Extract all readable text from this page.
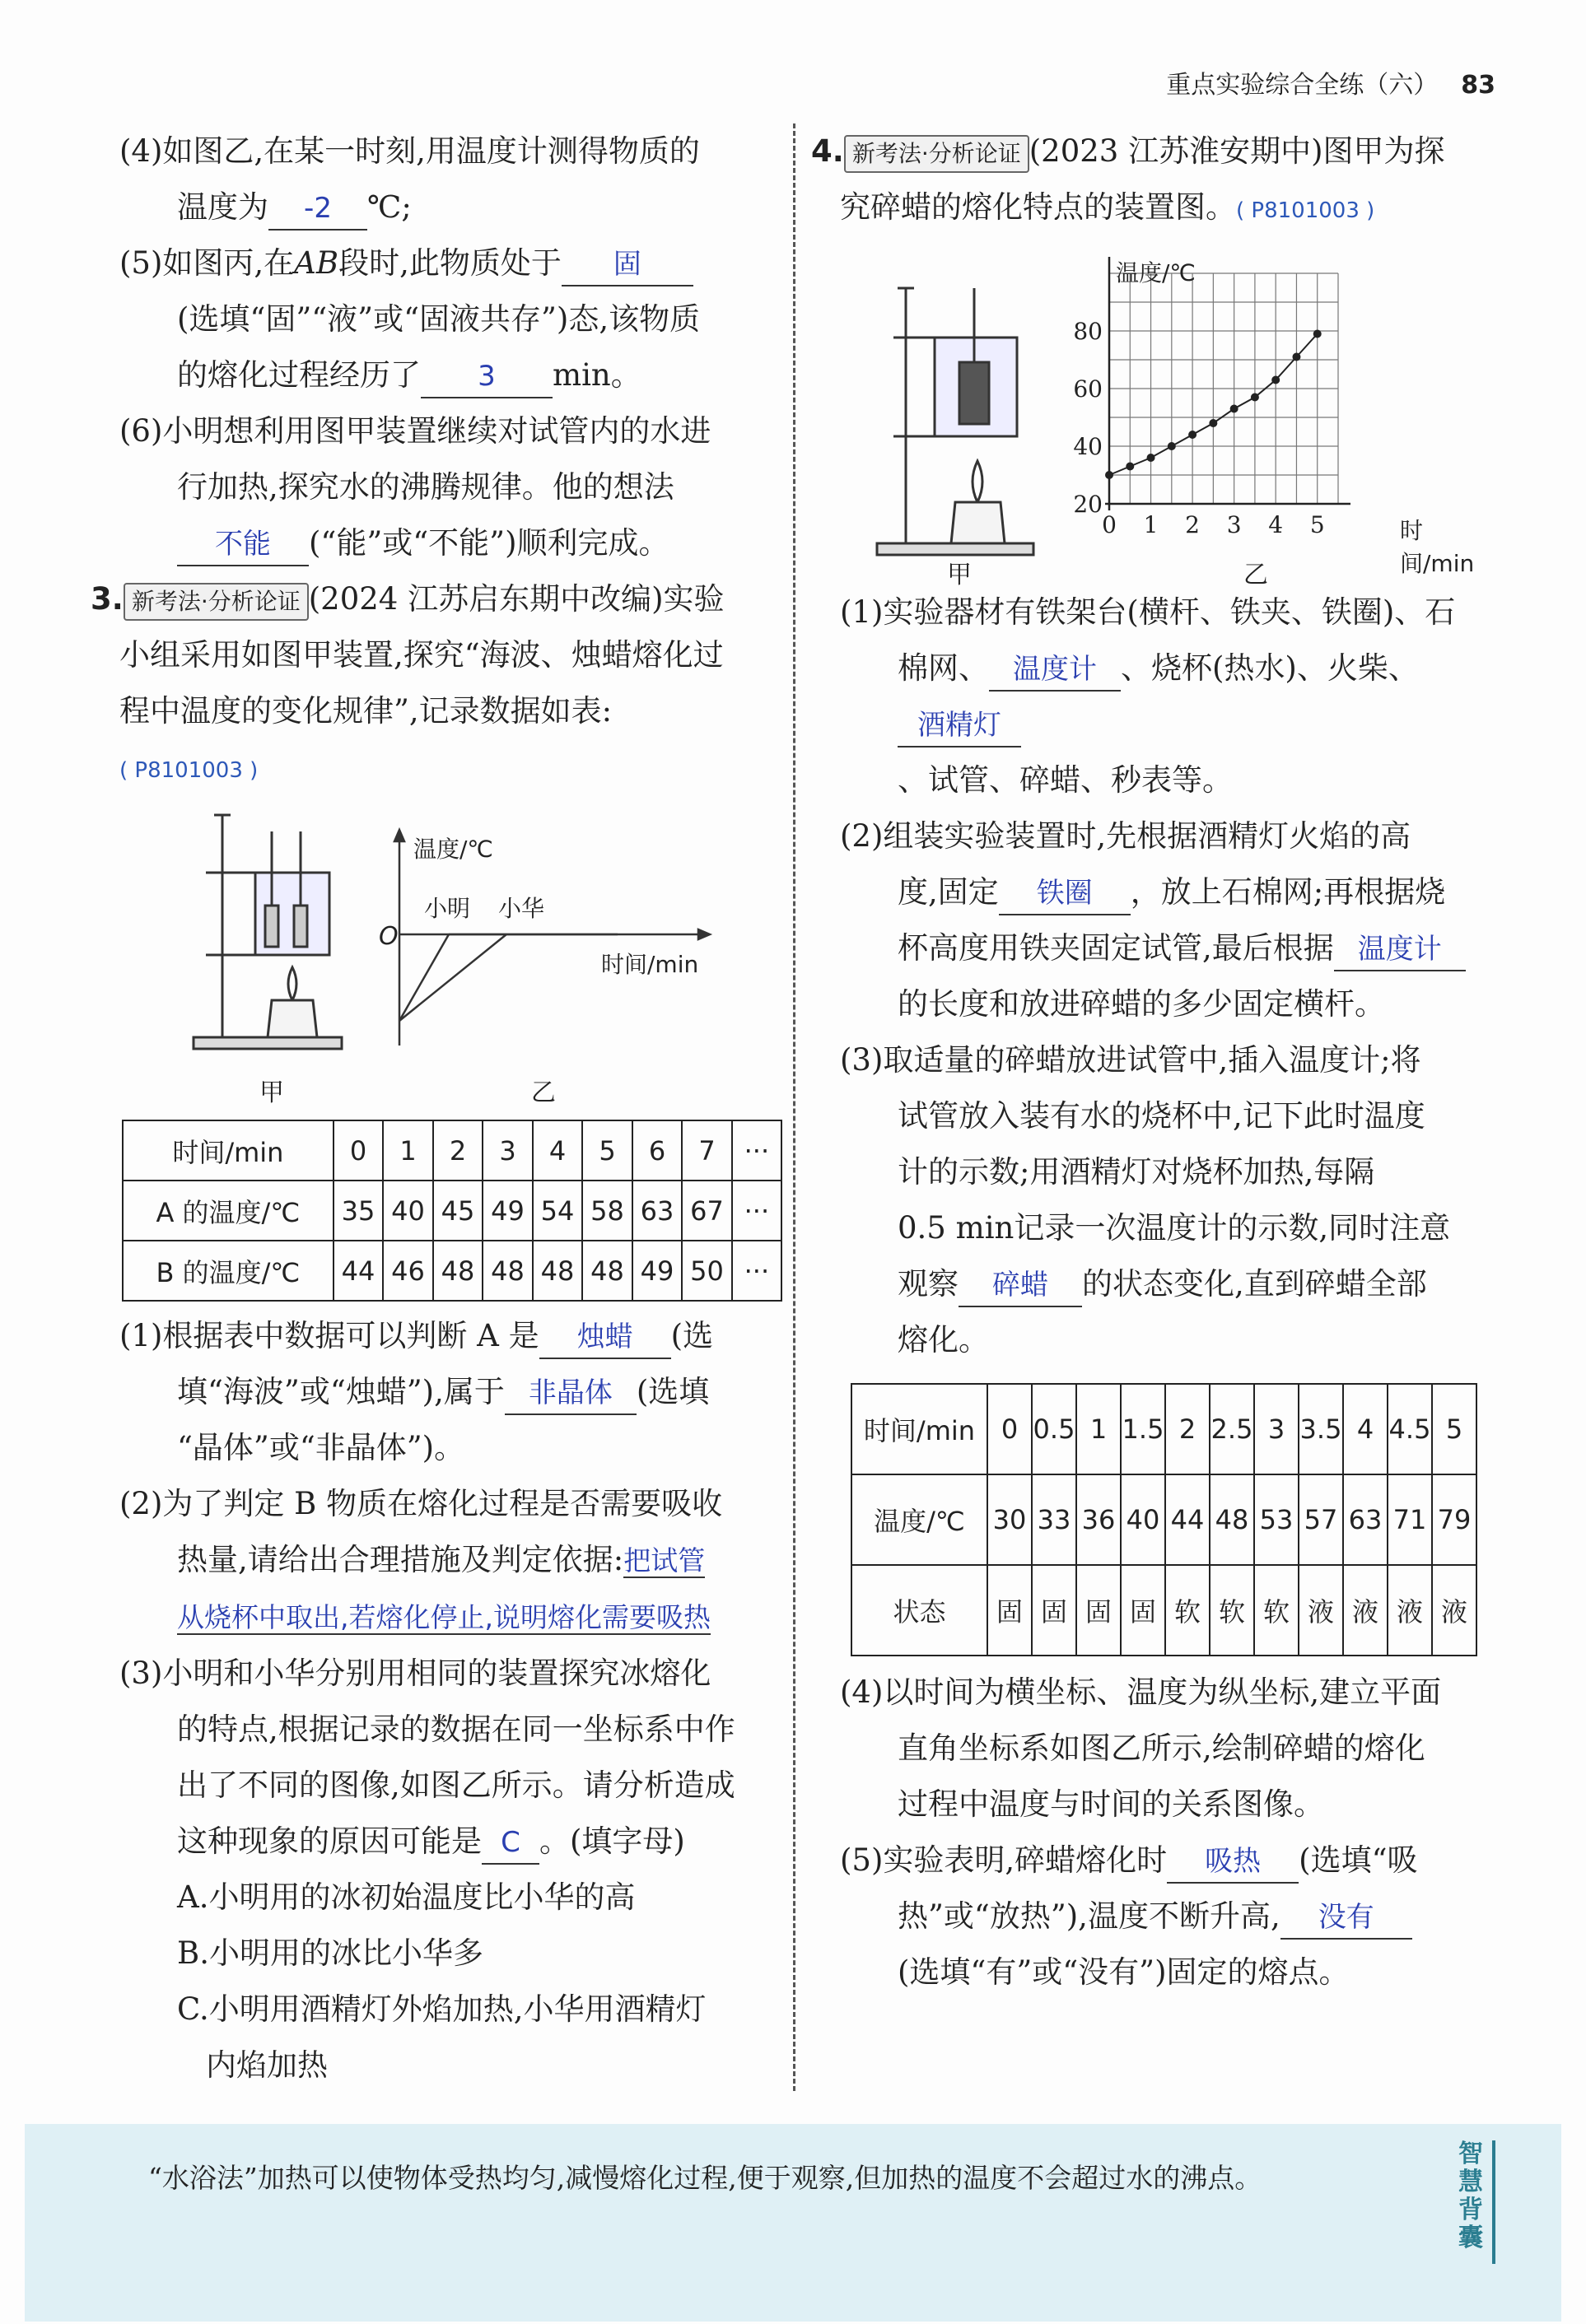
重点实验综合全练（六） 83
(4)如图乙,在某一时刻,用温度计测得物质的
温度为 -2 ℃;
(5)如图丙,在AB段时,此物质处于 固
(选填“固”“液”或“固液共存”)态,该物质
的熔化过程经历了 3 min。
(6)小明想利用图甲装置继续对试管内的水进
行加热,探究水的沸腾规律。他的想法
不能 (“能”或“不能”)顺利完成。
3. 新考法·分析论证 (2024 江苏启东期中改编)实验
小组采用如图甲装置,探究“海波、烛蜡熔化过
程中温度的变化规律”,记录数据如表:
( P8101003 )
温度/℃
O
小明 小华
时间/min
甲	乙
时间/min	0	1	2	3	4	5	6	7	···
A 的温度/℃	35	40	45	49	54	58	63	67	···
B 的温度/℃	44	46	48	48	48	48	49	50	···
(1)根据表中数据可以判断 A 是 烛蜡 (选
填“海波”或“烛蜡”),属于 非晶体 (选填
“晶体”或“非晶体”)。
(2)为了判定 B 物质在熔化过程是否需要吸收
热量,请给出合理措施及判定依据:把试管
从烧杯中取出,若熔化停止,说明熔化需要吸热
(3)小明和小华分别用相同的装置探究冰熔化
的特点,根据记录的数据在同一坐标系中作
出了不同的图像,如图乙所示。请分析造成
这种现象的原因可能是 C 。(填字母)
A.小明用的冰初始温度比小华的高
B.小明用的冰比小华多
C.小明用酒精灯外焰加热,小华用酒精灯
内焰加热
4. 新考法·分析论证 (2023 江苏淮安期中)图甲为探
究碎蜡的熔化特点的装置图。( P8101003 )
0 1 2 3 4 5
20
40
60
80
温度/℃
时间/min
甲	乙
(1)实验器材有铁架台(横杆、铁夹、铁圈)、石
棉网、 温度计 、烧杯(热水)、火柴、酒精灯
、试管、碎蜡、秒表等。
(2)组装实验装置时,先根据酒精灯火焰的高
度,固定 铁圈 ，放上石棉网;再根据烧
杯高度用铁夹固定试管,最后根据 温度计
的长度和放进碎蜡的多少固定横杆。
(3)取适量的碎蜡放进试管中,插入温度计;将
试管放入装有水的烧杯中,记下此时温度
计的示数;用酒精灯对烧杯加热,每隔
0.5 min记录一次温度计的示数,同时注意
观察 碎蜡 的状态变化,直到碎蜡全部
熔化。
时间/min	0	0.5	1	1.5	2	2.5	3	3.5	4	4.5	5
温度/℃	30	33	36	40	44	48	53	57	63	71	79
状态	固	固	固	固	软	软	软	液	液	液	液
(4)以时间为横坐标、温度为纵坐标,建立平面
直角坐标系如图乙所示,绘制碎蜡的熔化
过程中温度与时间的关系图像。
(5)实验表明,碎蜡熔化时 吸热 (选填“吸
热”或“放热”),温度不断升高, 没有
(选填“有”或“没有”)固定的熔点。
“水浴法”加热可以使物体受热均匀,减慢熔化过程,便于观察,但加热的温度不会超过水的沸点。
智慧背囊
